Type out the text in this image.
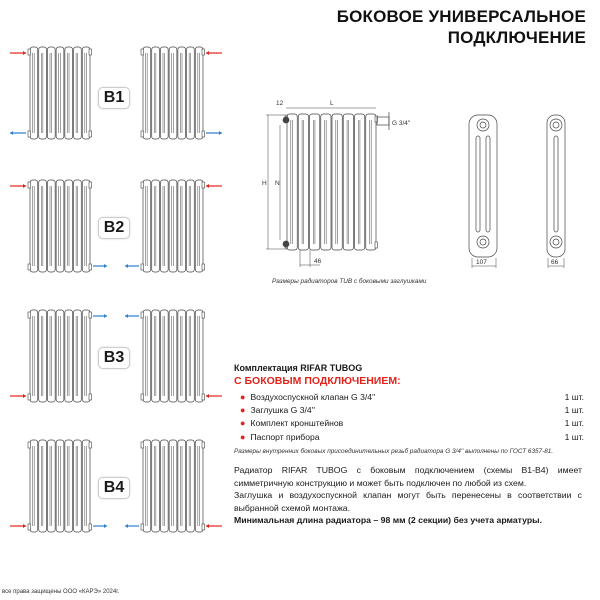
БОКОВОЕ УНИВЕРСАЛЬНОЕ
ПОДКЛЮЧЕНИЕ
B1
B2
B3
B4
12	L
H N
46
G 3/4''
107	66
Размеры радиаторов TUB с боковыми заглушками
Комплектация RIFAR TUBOG
С БОКОВЫМ ПОДКЛЮЧЕНИЕМ:
● Воздухоспускной клапан G 3/4''	1 шт.
● Заглушка G 3/4''	1 шт.
● Комплект кронштейнов	1 шт.
● Паспорт прибора	1 шт.
Размеры внутренних боковых присоединительных резьб радиатора G 3/4'' выполнены по ГОСТ 6357-81.
Радиатор RIFAR TUBOG с боковым подключением (схемы В1-В4) имеет симметричную конструкцию и может быть подключен по любой из схем.
Заглушка и воздухоспускной клапан могут быть перенесены в соответствии с выбранной схемой монтажа.
Минимальная длина радиатора – 98 мм (2 секции) без учета арматуры.
все права защищены ООО «КАРЭ» 2024г.
